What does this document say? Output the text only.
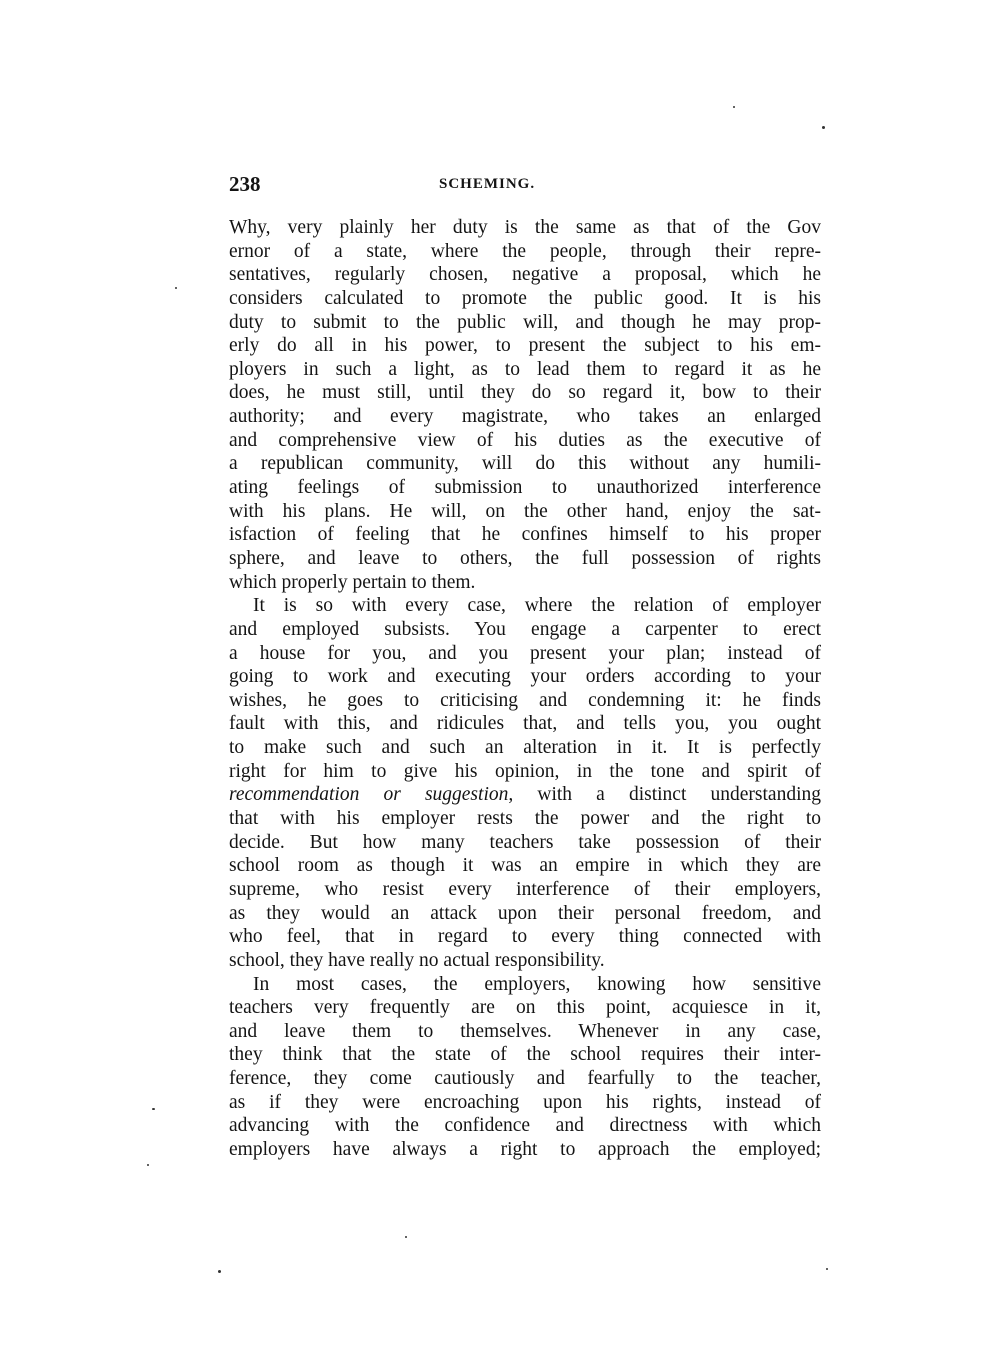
238	SCHEMING.
Why, very plainly her duty is the same as that of the Gov
ernor of a state, where the people, through their repre-
sentatives, regularly chosen, negative a proposal, which he
considers calculated to promote the public good. It is his
duty to submit to the public will, and though he may prop-
erly do all in his power, to present the subject to his em-
ployers in such a light, as to lead them to regard it as he
does, he must still, until they do so regard it, bow to their
authority; and every magistrate, who takes an enlarged
and comprehensive view of his duties as the executive of
a republican community, will do this without any humili-
ating feelings of submission to unauthorized interference
with his plans. He will, on the other hand, enjoy the sat-
isfaction of feeling that he confines himself to his proper
sphere, and leave to others, the full possession of rights
which properly pertain to them.
It is so with every case, where the relation of employer
and employed subsists. You engage a carpenter to erect
a house for you, and you present your plan; instead of
going to work and executing your orders according to your
wishes, he goes to criticising and condemning it: he finds
fault with this, and ridicules that, and tells you, you ought
to make such and such an alteration in it. It is perfectly
right for him to give his opinion, in the tone and spirit of
recommendation or suggestion, with a distinct understanding
that with his employer rests the power and the right to
decide. But how many teachers take possession of their
school room as though it was an empire in which they are
supreme, who resist every interference of their employers,
as they would an attack upon their personal freedom, and
who feel, that in regard to every thing connected with
school, they have really no actual responsibility.
In most cases, the employers, knowing how sensitive
teachers very frequently are on this point, acquiesce in it,
and leave them to themselves. Whenever in any case,
they think that the state of the school requires their inter-
ference, they come cautiously and fearfully to the teacher,
as if they were encroaching upon his rights, instead of
advancing with the confidence and directness with which
employers have always a right to approach the employed;
